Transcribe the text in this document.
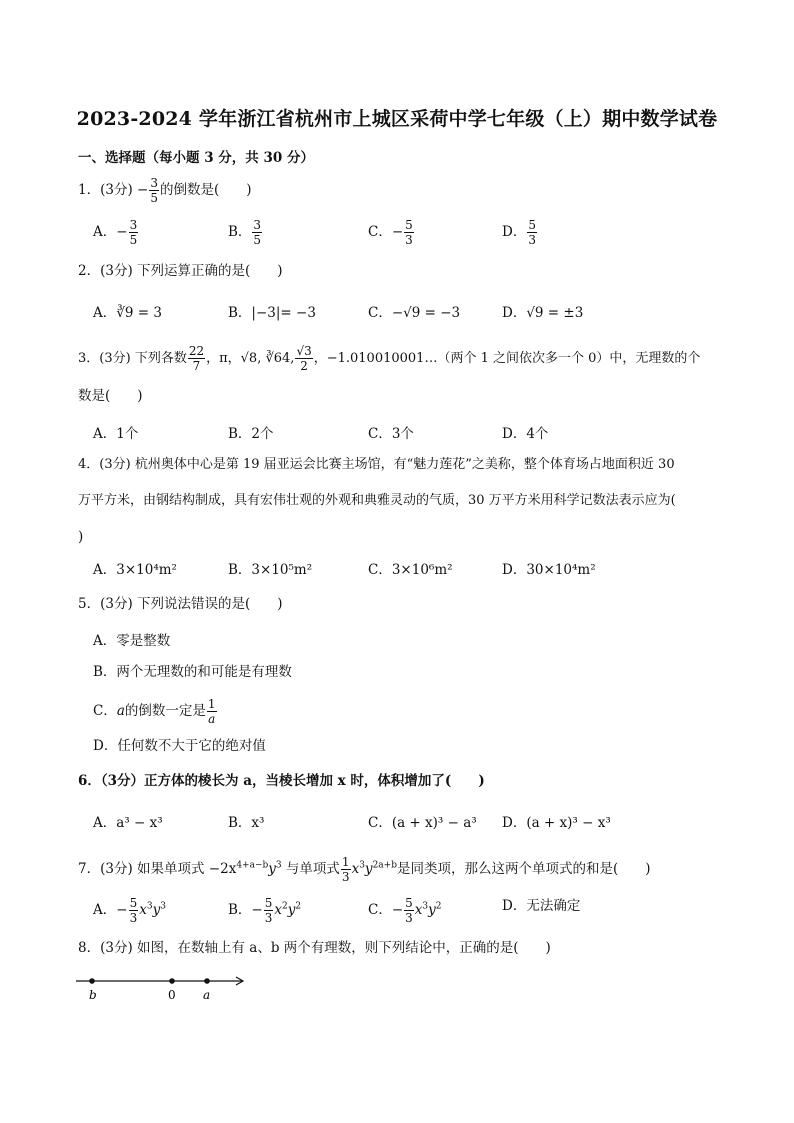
2023-2024 学年浙江省杭州市上城区采荷中学七年级（上）期中数学试卷
一、选择题（每小题 3 分，共 30 分）
1．(3分) − $\frac{3}{5}$ 的倒数是(　　)
A．− $\frac{3}{5}$	B． $\frac{3}{5}$	C．− $\frac{5}{3}$	D． $\frac{5}{3}$
2．(3分) 下列运算正确的是(　　)
A．∛9 = 3	B．|−3|= −3	C．−√9 = −3	D．√9 = ±3
3．(3分) 下列各数 $\frac{22}{7}$ ，π，√8, ∛64, $\frac{√3}{2}$ ，−1.010010001…（两个 1 之间依次多一个 0）中，无理数的个
数是(　　)
A．1个	B．2个	C．3个	D．4个
4．(3分) 杭州奥体中心是第 19 届亚运会比赛主场馆，有“魅力莲花”之美称，整个体育场占地面积近 30
万平方米，由钢结构制成，具有宏伟壮观的外观和典雅灵动的气质，30 万平方米用科学记数法表示应为(
)
A．3×10⁴m²	B．3×10⁵m²	C．3×10⁶m²	D．30×10⁴m²
5．(3分) 下列说法错误的是(　　)
A．零是整数
B．两个无理数的和可能是有理数
C．a的倒数一定是 $\frac{1}{a}$
D．任何数不大于它的绝对值
6．（3分）正方体的棱长为 a，当棱长增加 x 时，体积增加了(　　)
A．a³ − x³	B．x³	C．(a + x)³ − a³ D．(a + x)³ − x³
7．(3分) 如果单项式 $-2x^{4+a-b}y^3$ 与单项式 $\frac{1}{3} x^3y^{2a+b}$是同类项，那么这两个单项式的和是(　　)
A．− $\frac{5}{3} x^3y^3$	B．− $\frac{5}{3} x^2y^2$	C．− $\frac{5}{3} x^3y^2$	D．无法确定
8．(3分) 如图，在数轴上有 a、b 两个有理数，则下列结论中，正确的是(　　)
b	0 a
